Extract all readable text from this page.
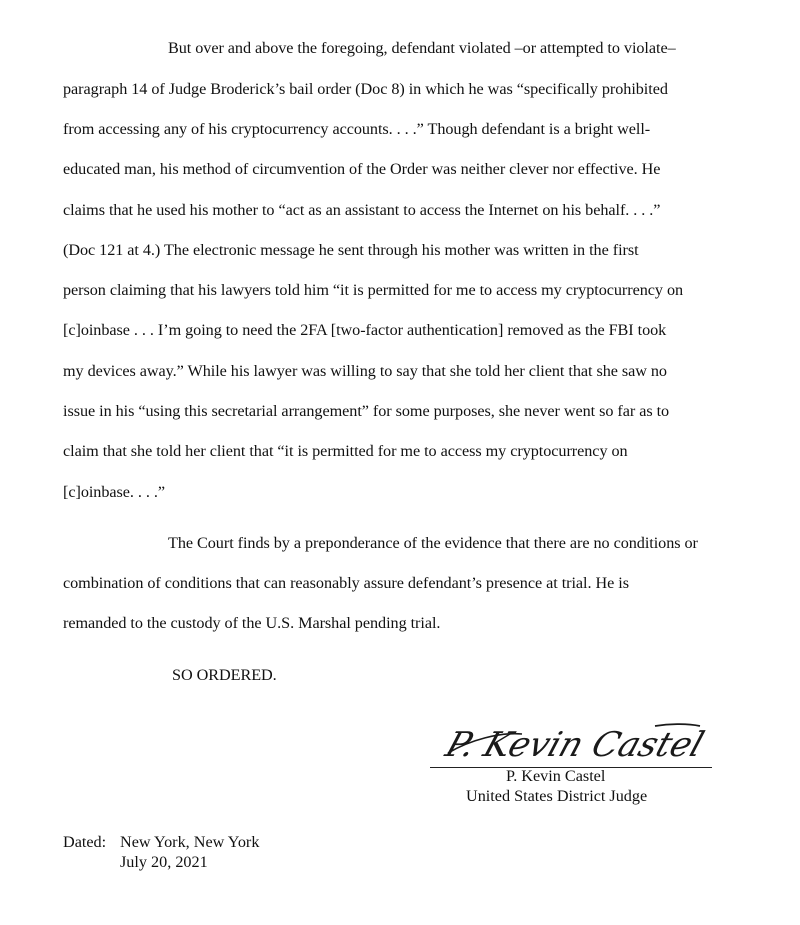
But over and above the foregoing, defendant violated –or attempted to violate–
paragraph 14 of Judge Broderick’s bail order (Doc 8) in which he was “specifically prohibited
from accessing any of his cryptocurrency accounts. . . .” Though defendant is a bright well-
educated man, his method of circumvention of the Order was neither clever nor effective. He
claims that he used his mother to “act as an assistant to access the Internet on his behalf. . . .”
(Doc 121 at 4.) The electronic message he sent through his mother was written in the first
person claiming that his lawyers told him “it is permitted for me to access my cryptocurrency on
[c]oinbase . . . I’m going to need the 2FA [two-factor authentication] removed as the FBI took
my devices away.” While his lawyer was willing to say that she told her client that she saw no
issue in his “using this secretarial arrangement” for some purposes, she never went so far as to
claim that she told her client that “it is permitted for me to access my cryptocurrency on
[c]oinbase. . . .”
The Court finds by a preponderance of the evidence that there are no conditions or
combination of conditions that can reasonably assure defendant’s presence at trial. He is
remanded to the custody of the U.S. Marshal pending trial.
SO ORDERED.
P. Kevin Castel
P. Kevin Castel
United States District Judge
Dated: New York, New York
July 20, 2021
